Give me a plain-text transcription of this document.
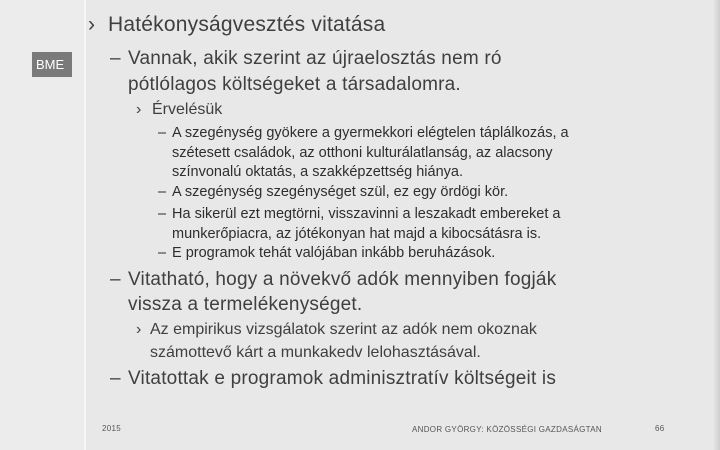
BME
› Hatékonyságvesztés vitatása
– Vannak, akik szerint az újraelosztás nem ró
pótlólagos költségeket a társadalomra.
› Érvelésük
– A szegénység gyökere a gyermekkori elégtelen táplálkozás, a
szétesett családok, az otthoni kulturálatlanság, az alacsony
színvonalú oktatás, a szakképzettség hiánya.
– A szegénység szegénységet szül, ez egy ördögi kör.
– Ha sikerül ezt megtörni, visszavinni a leszakadt embereket a
munkerőpiacra, az jótékonyan hat majd a kibocsátásra is.
– E programok tehát valójában inkább beruházások.
– Vitatható, hogy a növekvő adók mennyiben fogják
vissza a termelékenységet.
› Az empirikus vizsgálatok szerint az adók nem okoznak
számottevő kárt a munkakedv lelohasztásával.
– Vitatottak e programok adminisztratív költségeit is
2015	ANDOR GYÖRGY: KÖZÖSSÉGI GAZDASÁGTAN	66
